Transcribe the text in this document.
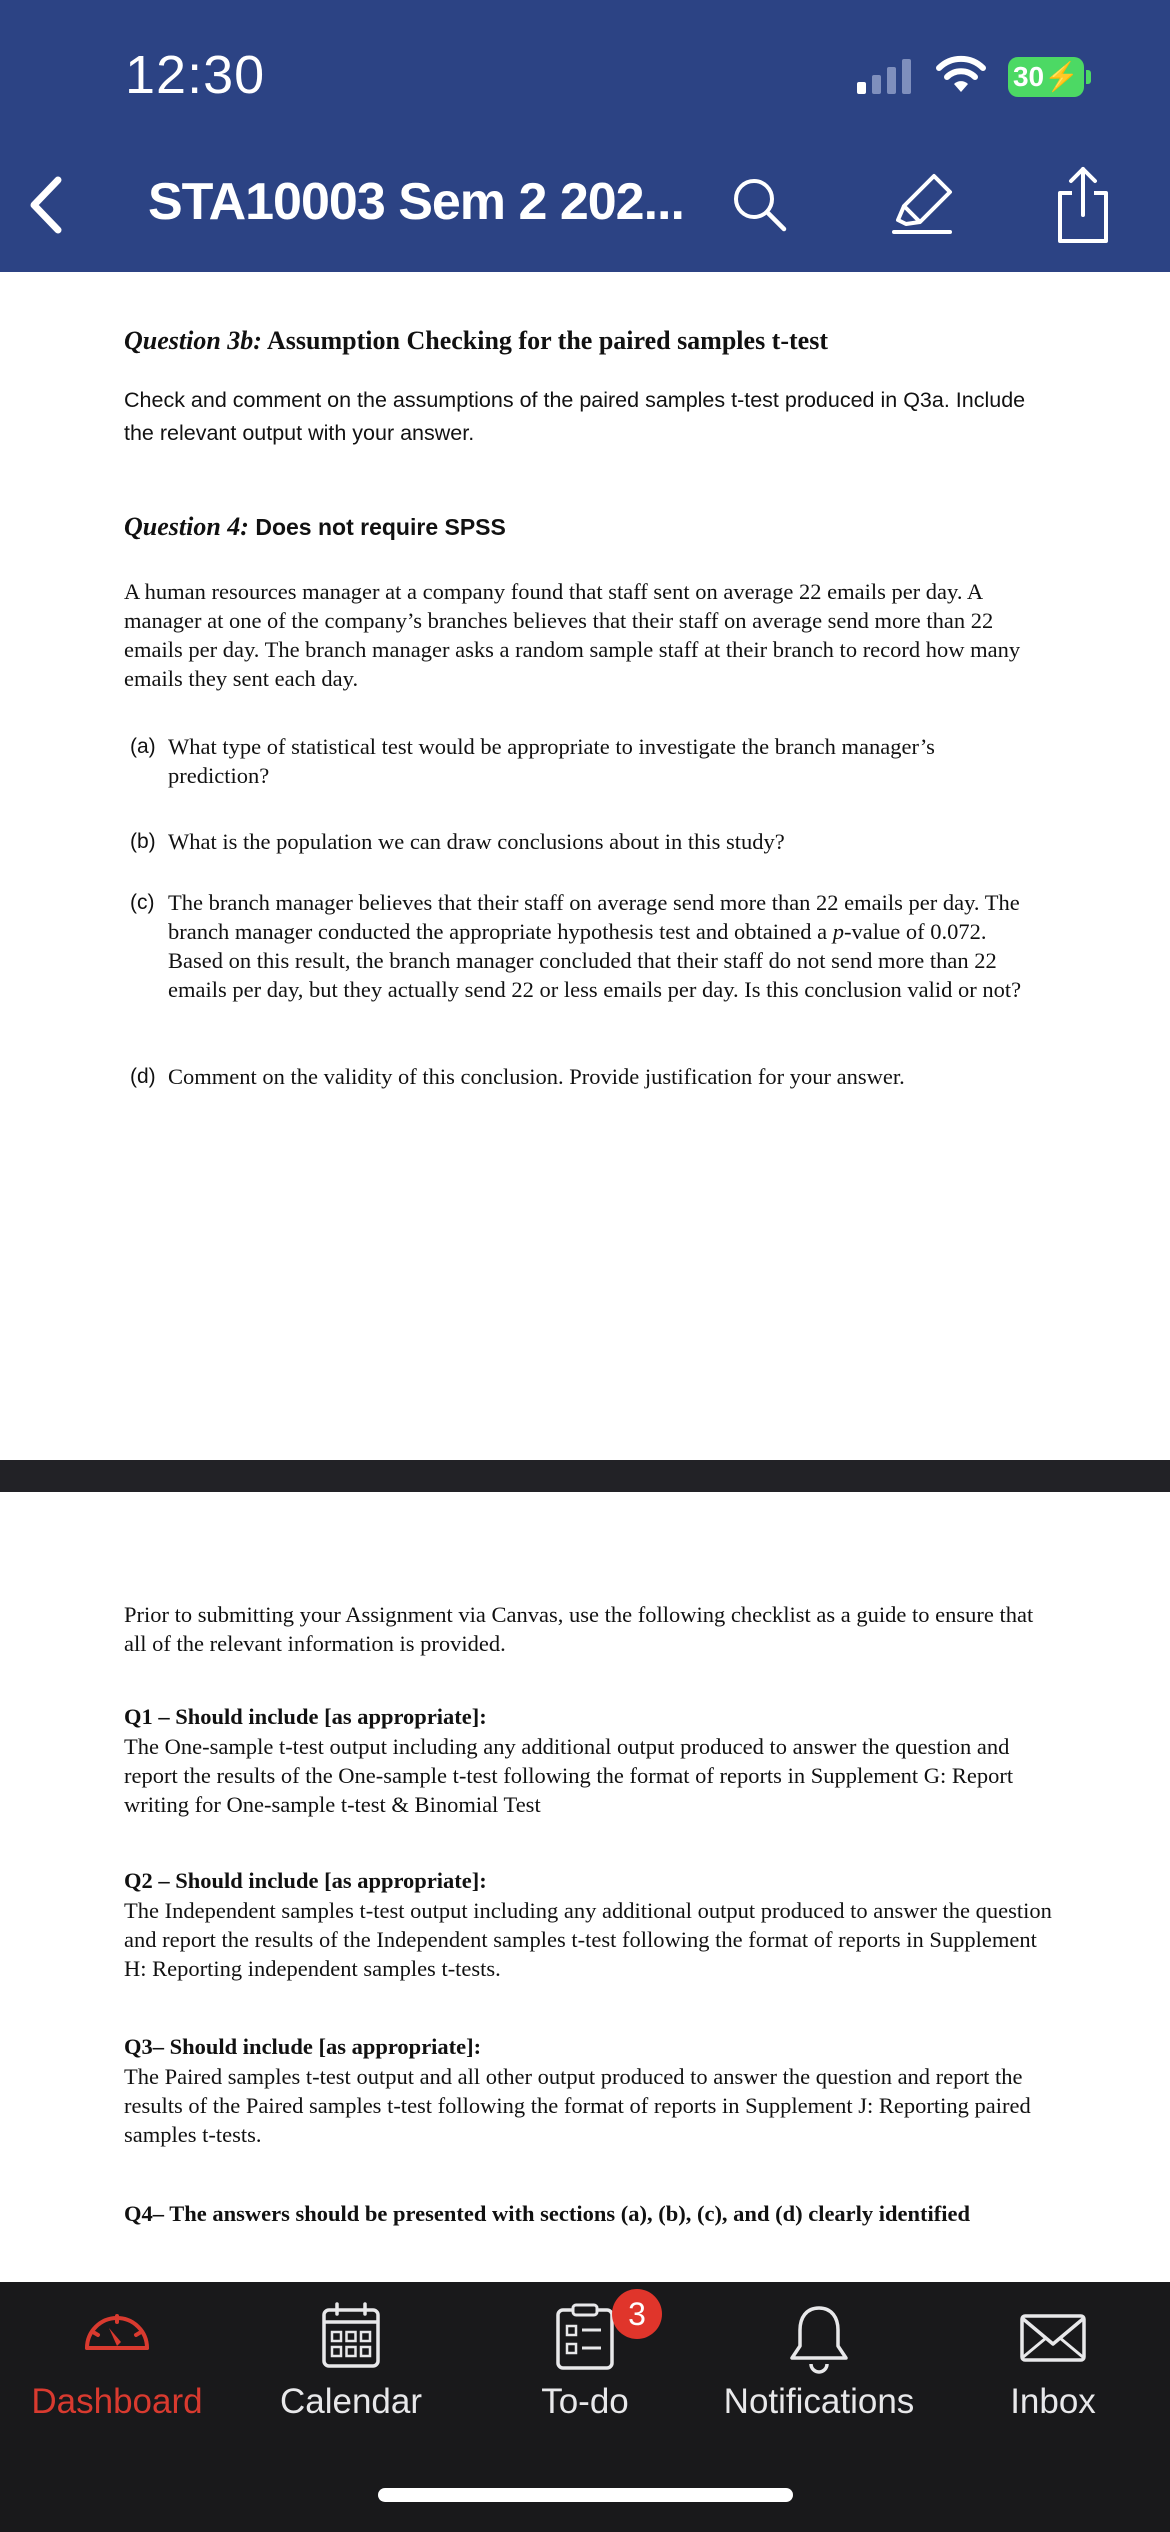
12:30	30⚡
STA10003 Sem 2 202...
Question 3b: Assumption Checking for the paired samples t-test
Check and comment on the assumptions of the paired samples t-test produced in Q3a. Include the relevant output with your answer.
Question 4: Does not require SPSS
A human resources manager at a company found that staff sent on average 22 emails per day. A manager at one of the company’s branches believes that their staff on average send more than 22 emails per day. The branch manager asks a random sample staff at their branch to record how many emails they sent each day.
(a) What type of statistical test would be appropriate to investigate the branch manager’s prediction?
(b) What is the population we can draw conclusions about in this study?
(c) The branch manager believes that their staff on average send more than 22 emails per day. The branch manager conducted the appropriate hypothesis test and obtained a p-value of 0.072. Based on this result, the branch manager concluded that their staff do not send more than 22 emails per day, but they actually send 22 or less emails per day. Is this conclusion valid or not?
(d) Comment on the validity of this conclusion. Provide justification for your answer.
Prior to submitting your Assignment via Canvas, use the following checklist as a guide to ensure that all of the relevant information is provided.
Q1 – Should include [as appropriate]:
The One-sample t-test output including any additional output produced to answer the question and report the results of the One-sample t-test following the format of reports in Supplement G: Report writing for One-sample t-test & Binomial Test
Q2 – Should include [as appropriate]:
The Independent samples t-test output including any additional output produced to answer the question and report the results of the Independent samples t-test following the format of reports in Supplement H: Reporting independent samples t-tests.
Q3– Should include [as appropriate]:
The Paired samples t-test output and all other output produced to answer the question and report the results of the Paired samples t-test following the format of reports in Supplement J: Reporting paired samples t-tests.
Q4– The answers should be presented with sections (a), (b), (c), and (d) clearly identified
Dashboard	Calendar	To-do	Notifications	Inbox
3
